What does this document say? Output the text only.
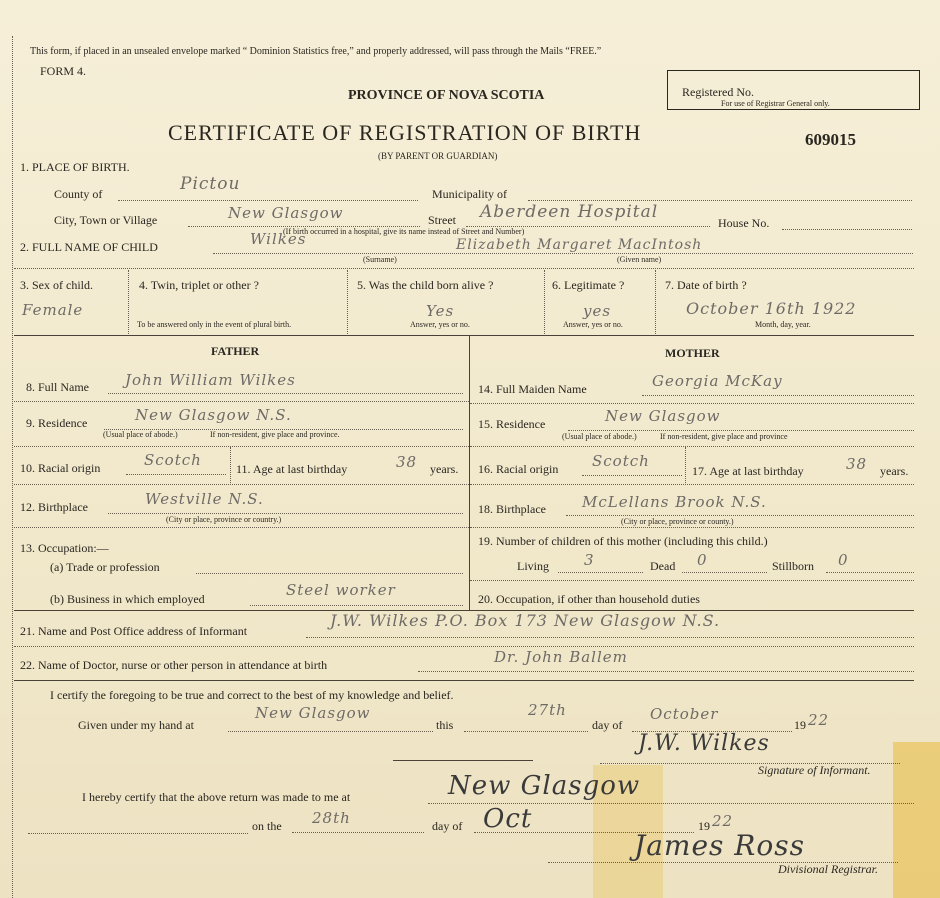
This form, if placed in an unsealed envelope marked “ Dominion Statistics free,” and properly addressed, will pass through the Mails “FREE.”
FORM 4.
PROVINCE OF NOVA SCOTIA
CERTIFICATE OF REGISTRATION OF BIRTH
(BY PARENT OR GUARDIAN)
609015
Registered No.
For use of Registrar General only.
1. PLACE OF BIRTH.
County of	Pictou	Municipality of
City, Town or Village	New Glasgow	Street Aberdeen Hospital
House No.
(If birth occurred in a hospital, give its name instead of Street and Number)
2. FULL NAME OF CHILD	Wilkes	Elizabeth Margaret MacIntosh
(Surname)	(Given name)
3. Sex of child.
Female
4. Twin, triplet or other ?
To be answered only in the event of plural birth.
5. Was the child born alive ?
Yes
Answer, yes or no.
6. Legitimate ?
yes
Answer, yes or no.
7. Date of birth ?
October 16th 1922
Month, day, year.
FATHER
8. Full Name John William Wilkes
9. Residence	New Glasgow N.S.
(Usual place of abode.)	If non-resident, give place and province.
10. Racial origin	Scotch	11. Age at last birthday	38 years.
12. Birthplace	Westville N.S.
(City or place, province or country.)
13. Occupation:—
(a) Trade or profession
(b) Business in which employed	Steel worker
MOTHER
14. Full Maiden Name	Georgia McKay
15. Residence	New Glasgow
(Usual place of abode.)	If non-resident, give place and province
16. Racial origin Scotch
17. Age at last birthday	38 years.
18. Birthplace McLellans Brook N.S.
(City or place, province or county.)
19. Number of children of this mother (including this child.)
Living 3	Dead 0	Stillborn 0
20. Occupation, if other than household duties
21. Name and Post Office address of Informant
J.W. Wilkes P.O. Box 173 New Glasgow N.S.
22. Name of Doctor, nurse or other person in attendance at birth	Dr. John Ballem
I certify the foregoing to be true and correct to the best of my knowledge and belief.
Given under my hand at
New Glasgow
this
27th
day of
October
19 22
J.W. Wilkes
Signature of Informant.
I hereby certify that the above return was made to me at	New Glasgow
on the 28th	day of Oct	19 22
James Ross
Divisional Registrar.
